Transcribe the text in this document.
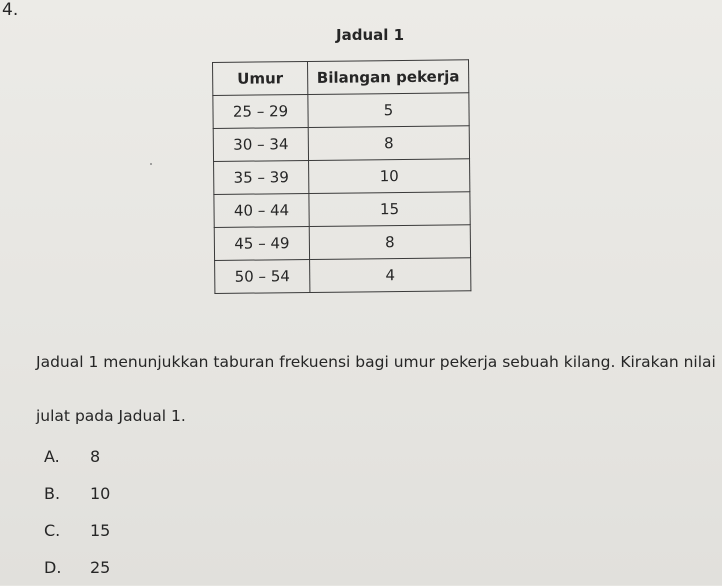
4.
Jadual 1
Umur	Bilangan pekerja
25 – 29	5
30 – 34	8
35 – 39	10
40 – 44	15
45 – 49	8
50 – 54	4
Jadual 1 menunjukkan taburan frekuensi bagi umur pekerja sebuah kilang. Kirakan nilai
julat pada Jadual 1.
A.	8
B.	10
C.	15
D.	25
